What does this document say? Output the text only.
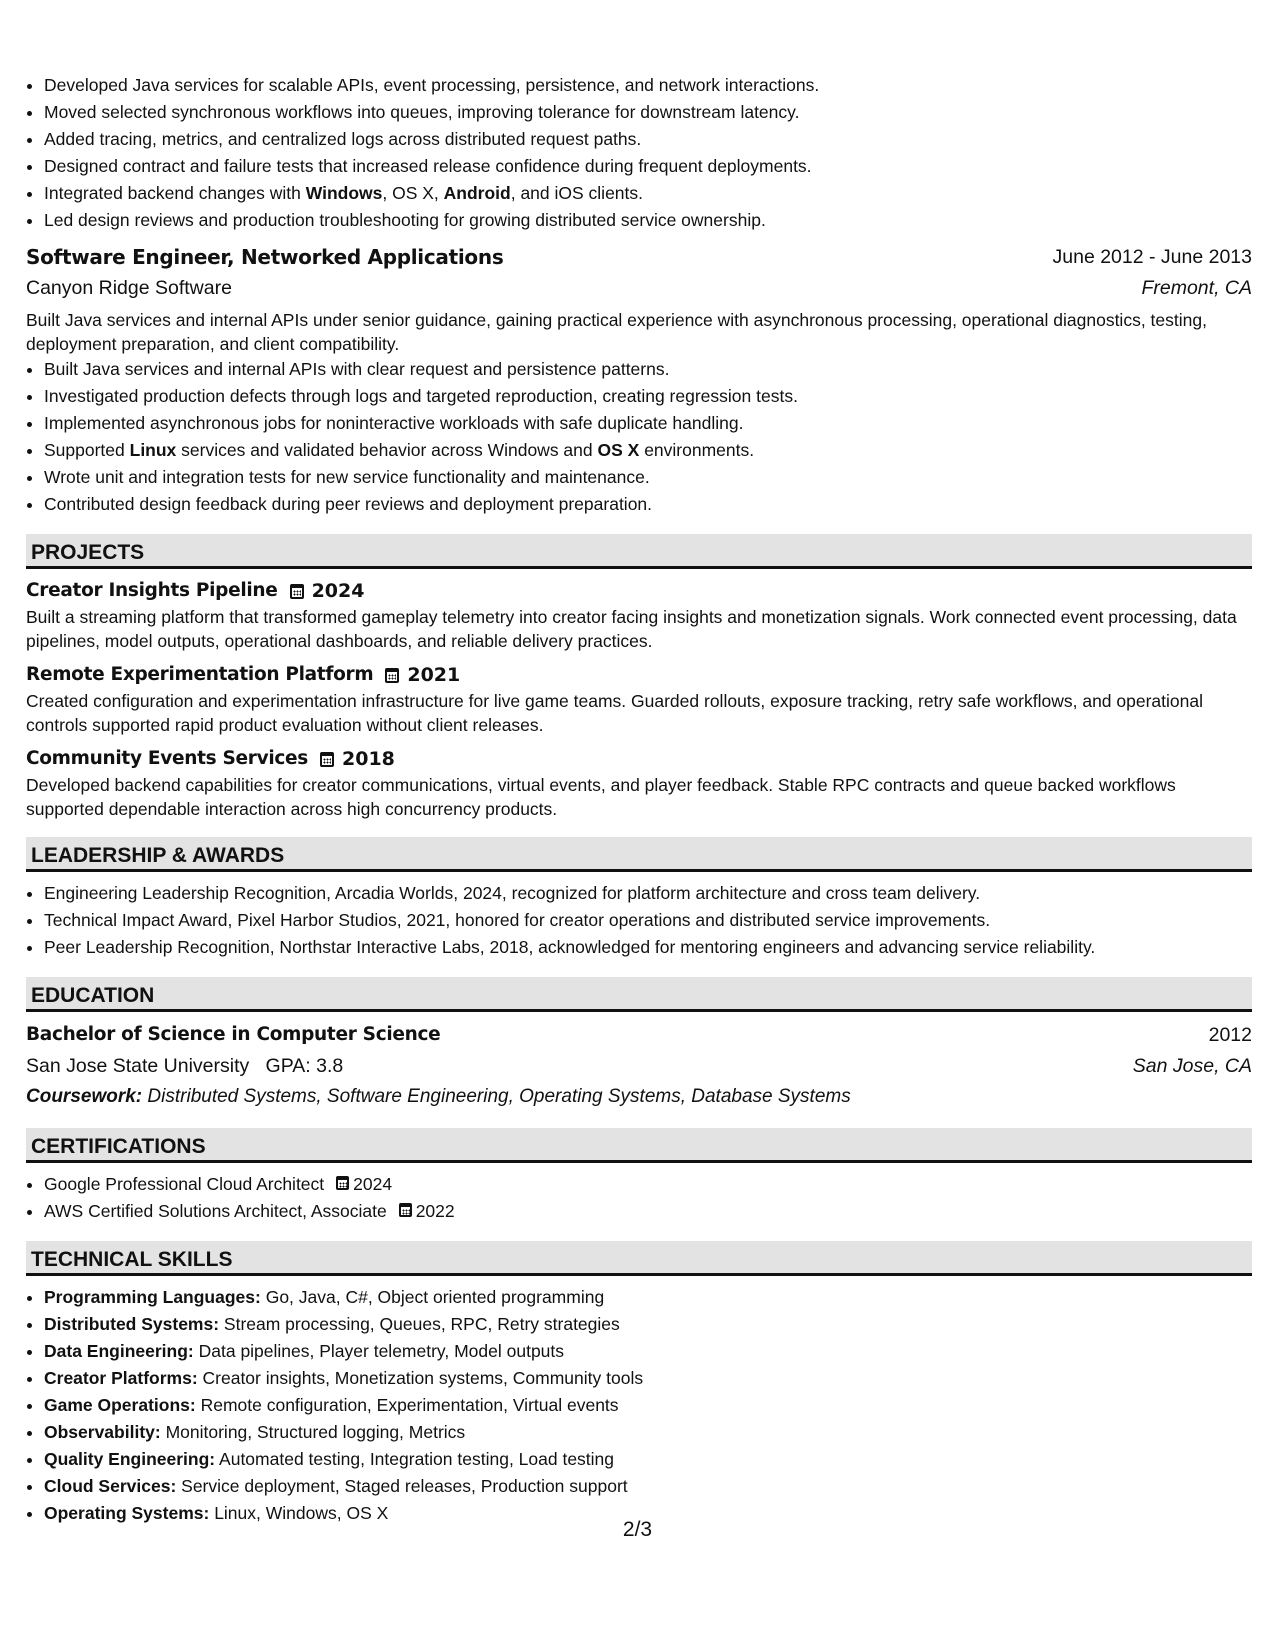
• Developed Java services for scalable APIs, event processing, persistence, and network interactions.
• Moved selected synchronous workflows into queues, improving tolerance for downstream latency.
• Added tracing, metrics, and centralized logs across distributed request paths.
• Designed contract and failure tests that increased release confidence during frequent deployments.
• Integrated backend changes with Windows, OS X, Android, and iOS clients.
• Led design reviews and production troubleshooting for growing distributed service ownership.
Software Engineer, Networked Applications	June 2012 - June 2013
Canyon Ridge Software	Fremont, CA
Built Java services and internal APIs under senior guidance, gaining practical experience with asynchronous processing, operational diagnostics, testing, deployment preparation, and client compatibility.
• Built Java services and internal APIs with clear request and persistence patterns.
• Investigated production defects through logs and targeted reproduction, creating regression tests.
• Implemented asynchronous jobs for noninteractive workloads with safe duplicate handling.
• Supported Linux services and validated behavior across Windows and OS X environments.
• Wrote unit and integration tests for new service functionality and maintenance.
• Contributed design feedback during peer reviews and deployment preparation.
PROJECTS
Creator Insights Pipeline 2024
Built a streaming platform that transformed gameplay telemetry into creator facing insights and monetization signals. Work connected event processing, data pipelines, model outputs, operational dashboards, and reliable delivery practices.
Remote Experimentation Platform 2021
Created configuration and experimentation infrastructure for live game teams. Guarded rollouts, exposure tracking, retry safe workflows, and operational controls supported rapid product evaluation without client releases.
Community Events Services 2018
Developed backend capabilities for creator communications, virtual events, and player feedback. Stable RPC contracts and queue backed workflows supported dependable interaction across high concurrency products.
LEADERSHIP & AWARDS
• Engineering Leadership Recognition, Arcadia Worlds, 2024, recognized for platform architecture and cross team delivery.
• Technical Impact Award, Pixel Harbor Studios, 2021, honored for creator operations and distributed service improvements.
• Peer Leadership Recognition, Northstar Interactive Labs, 2018, acknowledged for mentoring engineers and advancing service reliability.
EDUCATION
Bachelor of Science in Computer Science	2012
San Jose State University GPA: 3.8	San Jose, CA
Coursework: Distributed Systems, Software Engineering, Operating Systems, Database Systems
CERTIFICATIONS
• Google Professional Cloud Architect 2024
• AWS Certified Solutions Architect, Associate 2022
TECHNICAL SKILLS
• Programming Languages: Go, Java, C#, Object oriented programming
• Distributed Systems: Stream processing, Queues, RPC, Retry strategies
• Data Engineering: Data pipelines, Player telemetry, Model outputs
• Creator Platforms: Creator insights, Monetization systems, Community tools
• Game Operations: Remote configuration, Experimentation, Virtual events
• Observability: Monitoring, Structured logging, Metrics
• Quality Engineering: Automated testing, Integration testing, Load testing
• Cloud Services: Service deployment, Staged releases, Production support
• Operating Systems: Linux, Windows, OS X
2/3
